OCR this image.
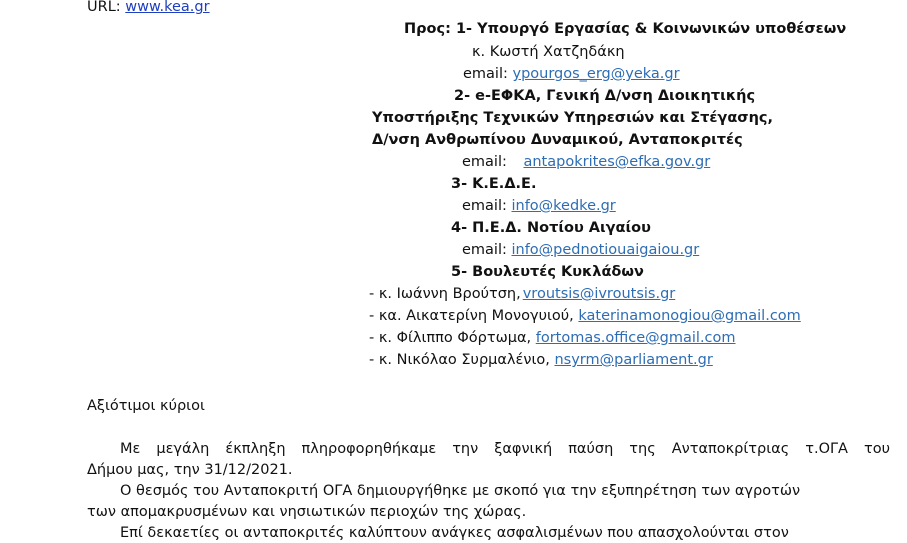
URL: www.kea.gr
Προς: 1- Υπουργό Εργασίας & Κοινωνικών υποθέσεων
κ. Κωστή Χατζηδάκη
email: ypourgos_erg@yeka.gr
2- e-ΕΦΚΑ, Γενική Δ/νση Διοικητικής
Υποστήριξης Τεχνικών Υπηρεσιών και Στέγασης,
Δ/νση Ανθρωπίνου Δυναμικού, Ανταποκριτές
email: antapokrites@efka.gov.gr
3- Κ.Ε.Δ.Ε.
email: info@kedke.gr
4- Π.Ε.Δ. Νοτίου Αιγαίου
email: info@pednotiouaigaiou.gr
5- Βουλευτές Κυκλάδων
- κ. Ιωάννη Βρούτση, vroutsis@ivroutsis.gr
- κα. Αικατερίνη Μονογυιού, katerinamonogiou@gmail.com
- κ. Φίλιππο Φόρτωμα, fortomas.office@gmail.com
- κ. Νικόλαο Συρμαλένιο, nsyrm@parliament.gr
Αξιότιμοι κύριοι
Με μεγάλη έκπληξη πληροφορηθήκαμε την ξαφνική παύση της Ανταποκρίτριας τ.ΟΓΑ του
Δήμου μας, την 31/12/2021.
Ο θεσμός του Ανταποκριτή ΟΓΑ δημιουργήθηκε με σκοπό για την εξυπηρέτηση των αγροτών
των απομακρυσμένων και νησιωτικών περιοχών της χώρας.
Επί δεκαετίες οι ανταποκριτές καλύπτουν ανάγκες ασφαλισμένων που απασχολούνται στον
